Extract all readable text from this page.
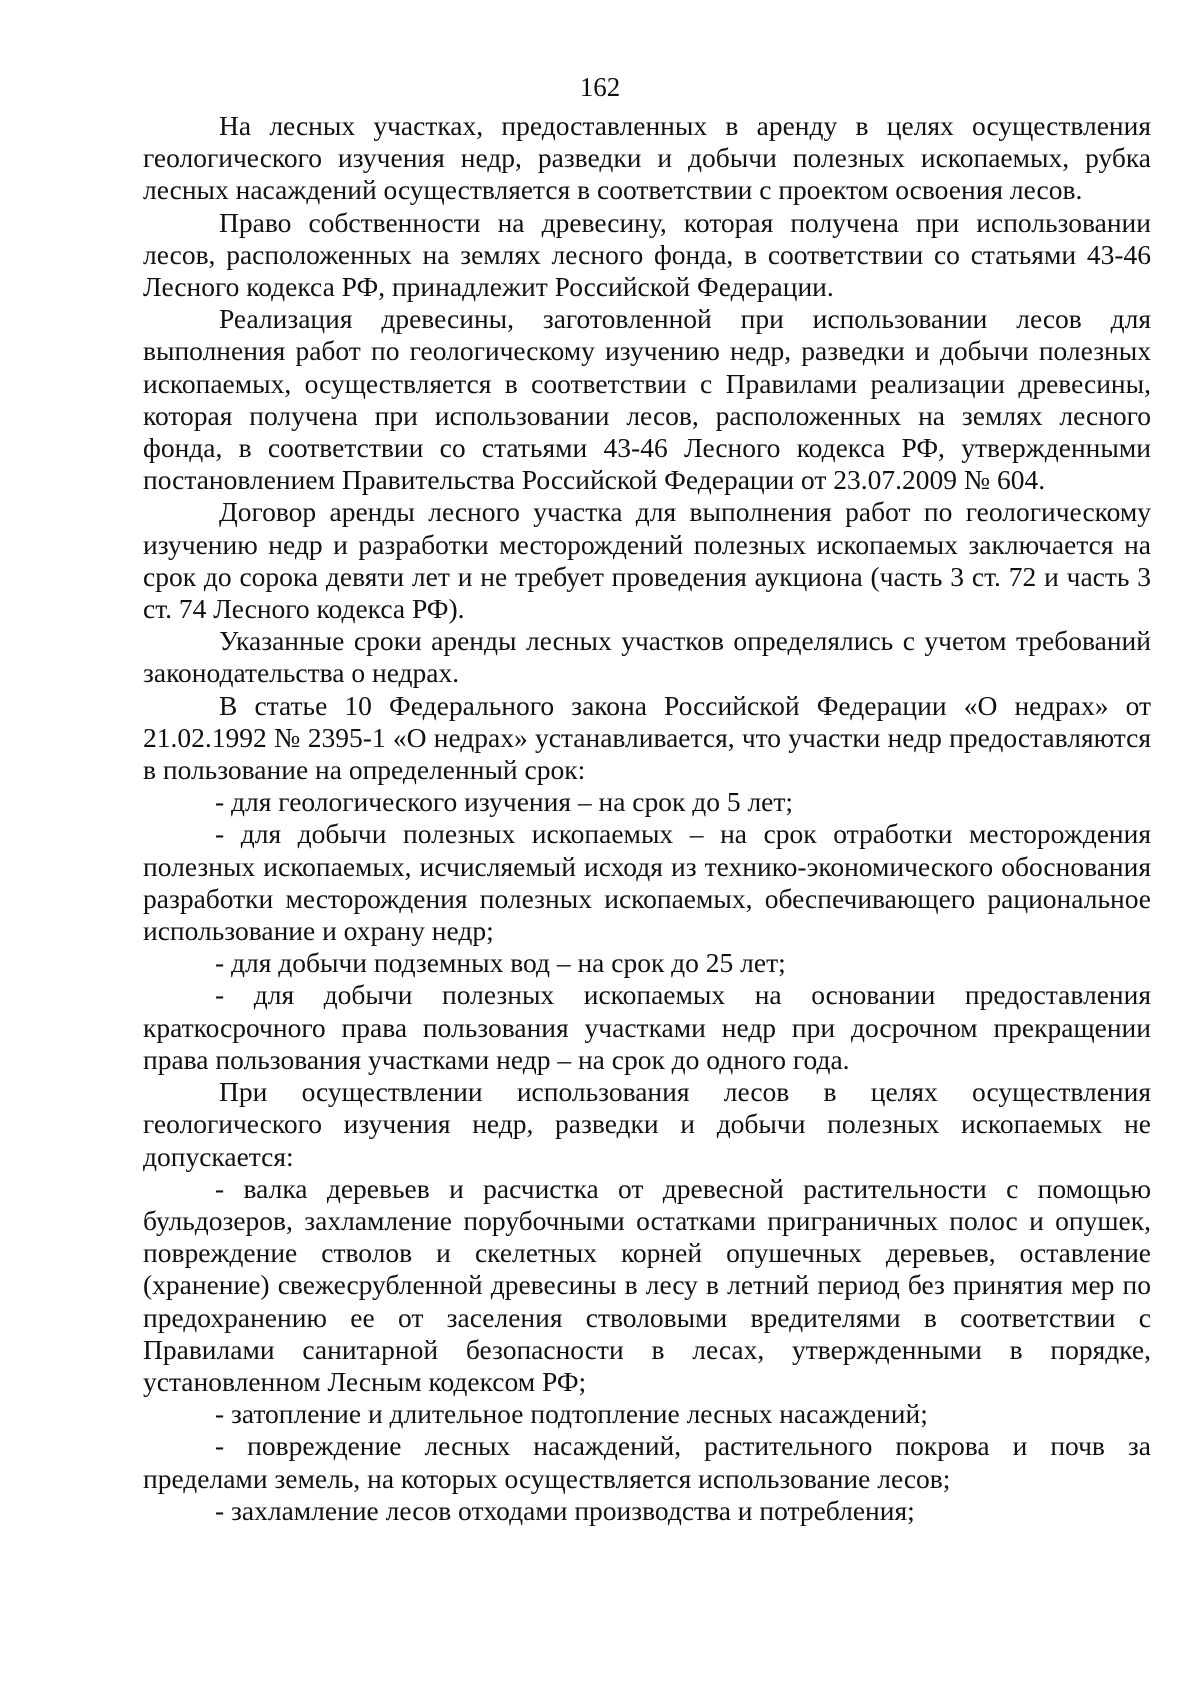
162

На лесных участках, предоставленных в аренду в целях осуществления геологического изучения недр, разведки и добычи полезных ископаемых, рубка лесных насаждений осуществляется в соответствии с проектом освоения лесов.

Право собственности на древесину, которая получена при использовании лесов, расположенных на землях лесного фонда, в соответствии со статьями 43-46 Лесного кодекса РФ, принадлежит Российской Федерации.

Реализация древесины, заготовленной при использовании лесов для выполнения работ по геологическому изучению недр, разведки и добычи полезных ископаемых, осуществляется в соответствии с Правилами реализации древесины, которая получена при использовании лесов, расположенных на землях лесного фонда, в соответствии со статьями 43-46 Лесного кодекса РФ, утвержденными постановлением Правительства Российской Федерации от 23.07.2009 № 604.

Договор аренды лесного участка для выполнения работ по геологическому изучению недр и разработки месторождений полезных ископаемых заключается на срок до сорока девяти лет и не требует проведения аукциона (часть 3 ст. 72 и часть 3 ст. 74 Лесного кодекса РФ).

Указанные сроки аренды лесных участков определялись с учетом требований законодательства о недрах.

В статье 10 Федерального закона Российской Федерации «О недрах» от 21.02.1992 № 2395-1 «О недрах» устанавливается, что участки недр предоставляются в пользование на определенный срок:

- для геологического изучения – на срок до 5 лет;

- для добычи полезных ископаемых – на срок отработки месторождения полезных ископаемых, исчисляемый исходя из технико-экономического обоснования разработки месторождения полезных ископаемых, обеспечивающего рациональное использование и охрану недр;

- для добычи подземных вод – на срок до 25 лет;

- для добычи полезных ископаемых на основании предоставления краткосрочного права пользования участками недр при досрочном прекращении права пользования участками недр – на срок до одного года.

При осуществлении использования лесов в целях осуществления геологического изучения недр, разведки и добычи полезных ископаемых не допускается:

- валка деревьев и расчистка от древесной растительности с помощью бульдозеров, захламление порубочными остатками приграничных полос и опушек, повреждение стволов и скелетных корней опушечных деревьев, оставление (хранение) свежесрубленной древесины в лесу в летний период без принятия мер по предохранению ее от заселения стволовыми вредителями в соответствии с Правилами санитарной безопасности в лесах, утвержденными в порядке, установленном Лесным кодексом РФ;

- затопление и длительное подтопление лесных насаждений;

- повреждение лесных насаждений, растительного покрова и почв за пределами земель, на которых осуществляется использование лесов;

- захламление лесов отходами производства и потребления;
